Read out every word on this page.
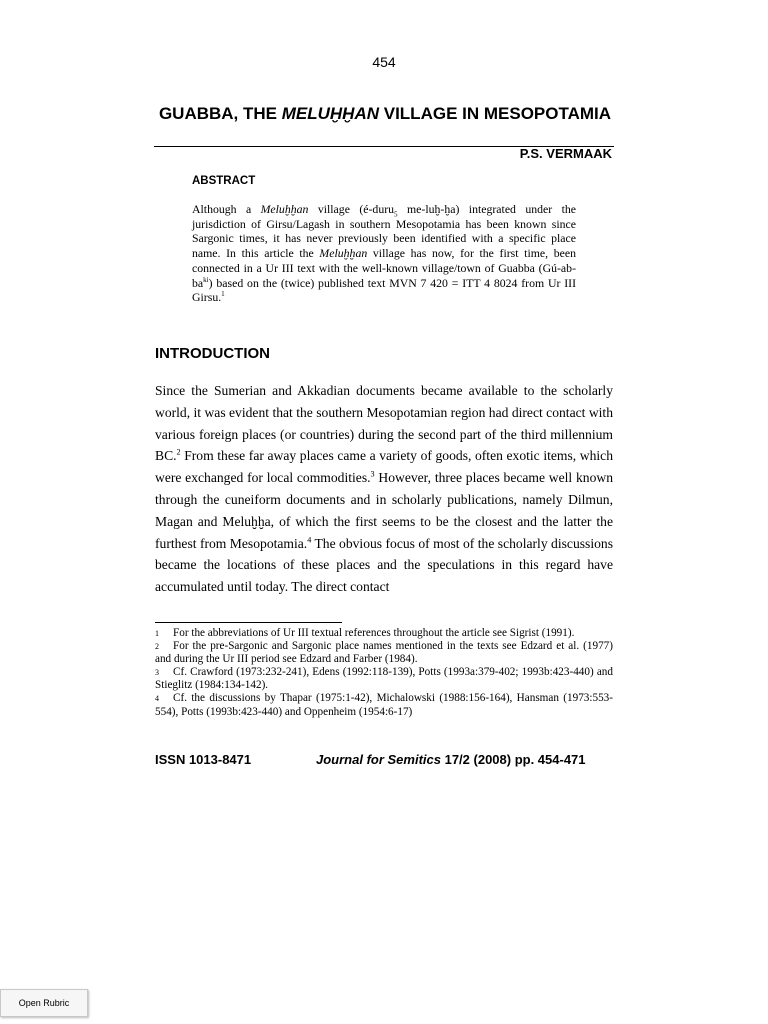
454
GUABBA, THE MELUḪḪAN VILLAGE IN MESOPOTAMIA
P.S. VERMAAK
ABSTRACT
Although a Meluḫḫan village (é-duru$_5$ me-luḫ-ḫa) integrated under the jurisdiction of Girsu/Lagash in southern Mesopotamia has been known since Sargonic times, it has never previously been identified with a specific place name. In this article the Meluḫḫan village has now, for the first time, been connected in a Ur III text with the well-known village/town of Guabba $(Gú-ab-ba^{ki})$ based on the (twice) published text MVN 7 420 = ITT 4 8024 from Ur III Girsu.$^1$
INTRODUCTION
Since the Sumerian and Akkadian documents became available to the scholarly world, it was evident that the southern Mesopotamian region had direct contact with various foreign places (or countries) during the second part of the third millennium BC.$^2$ From these far away places came a variety of goods, often exotic items, which were exchanged for local commodities.$^3$ However, three places became well known through the cuneiform documents and in scholarly publications, namely Dilmun, Magan and Meluḫḫa, of which the first seems to be the closest and the latter the furthest from Mesopotamia.$^4$ The obvious focus of most of the scholarly discussions became the locations of these places and the speculations in this regard have accumulated until today. The direct contact

$^1$ For the abbreviations of Ur III textual references throughout the article see Sigrist (1991).

$^2$ For the pre-Sargonic and Sargonic place names mentioned in the texts see Edzard et al. (1977) and during the Ur III period see Edzard and Farber (1984).

$^3$ Cf. Crawford (1973:232-241), Edens (1992:118-139), Potts (1993a:379-402; 1993b:423-440) and Stieglitz (1984:134-142).

$^4$ Cf. the discussions by Thapar (1975:1-42), Michalowski (1988:156-164), Hansman (1973:553-554), Potts (1993b:423-440) and Oppenheim (1954:6-17)

ISSN 1013-8471	Journal for Semitics 17/2 (2008) pp. 454-471
Open Rubric
